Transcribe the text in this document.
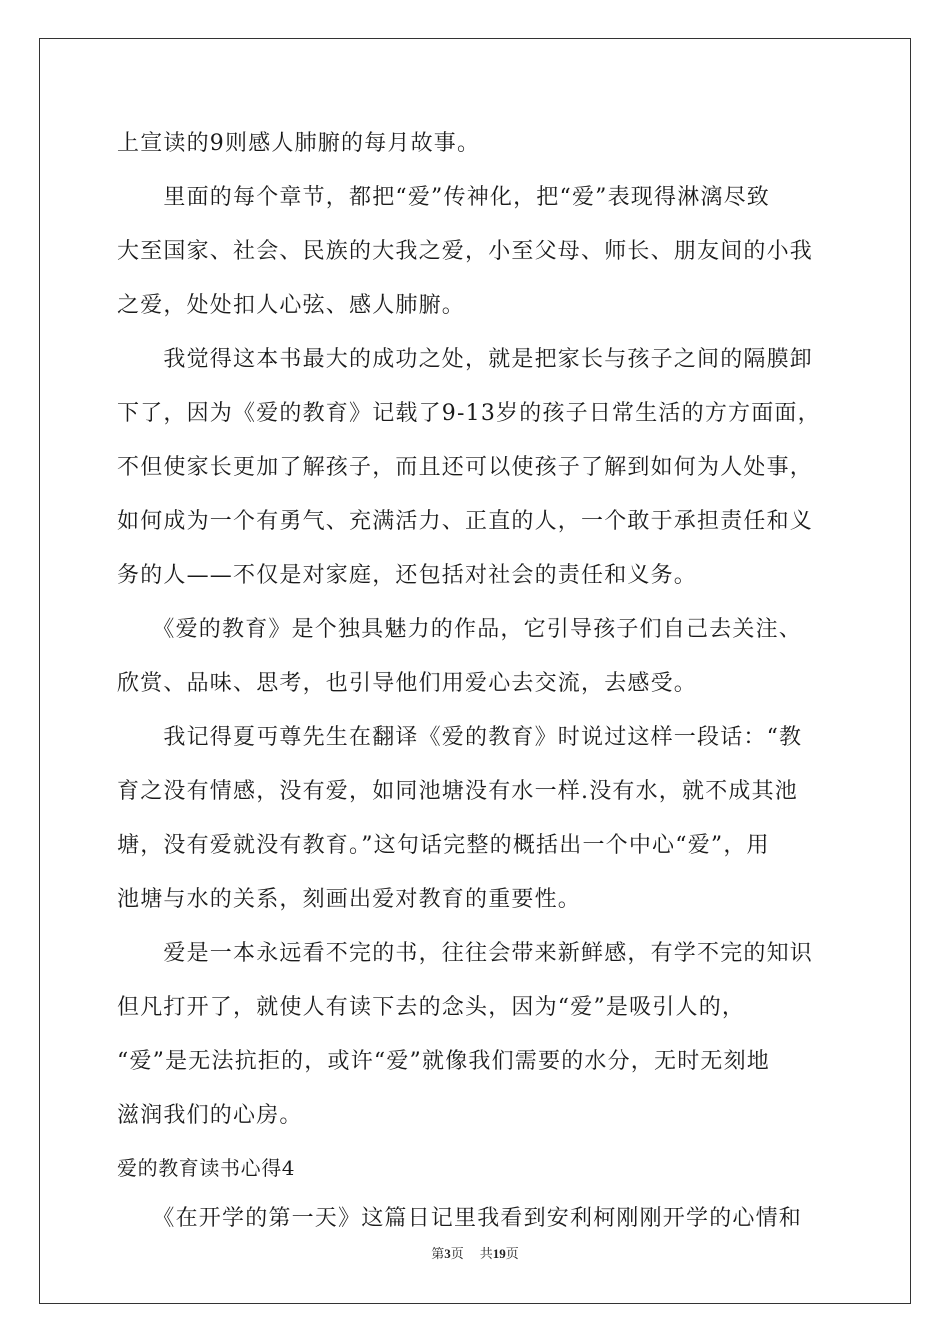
上宣读的9则感人肺腑的每月故事。
　　里面的每个章节，都把“爱”传神化，把“爱”表现得淋漓尽致
大至国家、社会、民族的大我之爱，小至父母、师长、朋友间的小我
之爱，处处扣人心弦、感人肺腑。
　　我觉得这本书最大的成功之处，就是把家长与孩子之间的隔膜卸
下了，因为《爱的教育》记载了9-13岁的孩子日常生活的方方面面，
不但使家长更加了解孩子，而且还可以使孩子了解到如何为人处事，
如何成为一个有勇气、充满活力、正直的人，一个敢于承担责任和义
务的人——不仅是对家庭，还包括对社会的责任和义务。
　　《爱的教育》是个独具魅力的作品，它引导孩子们自己去关注、
欣赏、品味、思考，也引导他们用爱心去交流，去感受。
　　我记得夏丏尊先生在翻译《爱的教育》时说过这样一段话：“教
育之没有情感，没有爱，如同池塘没有水一样.没有水，就不成其池
塘，没有爱就没有教育。”这句话完整的概括出一个中心“爱”，用
池塘与水的关系，刻画出爱对教育的重要性。
　　爱是一本永远看不完的书，往往会带来新鲜感，有学不完的知识
但凡打开了，就使人有读下去的念头，因为“爱”是吸引人的，
“爱”是无法抗拒的，或许“爱”就像我们需要的水分，无时无刻地
滋润我们的心房。
爱的教育读书心得4
　　《在开学的第一天》这篇日记里我看到安利柯刚刚开学的心情和
第3页 共19页
